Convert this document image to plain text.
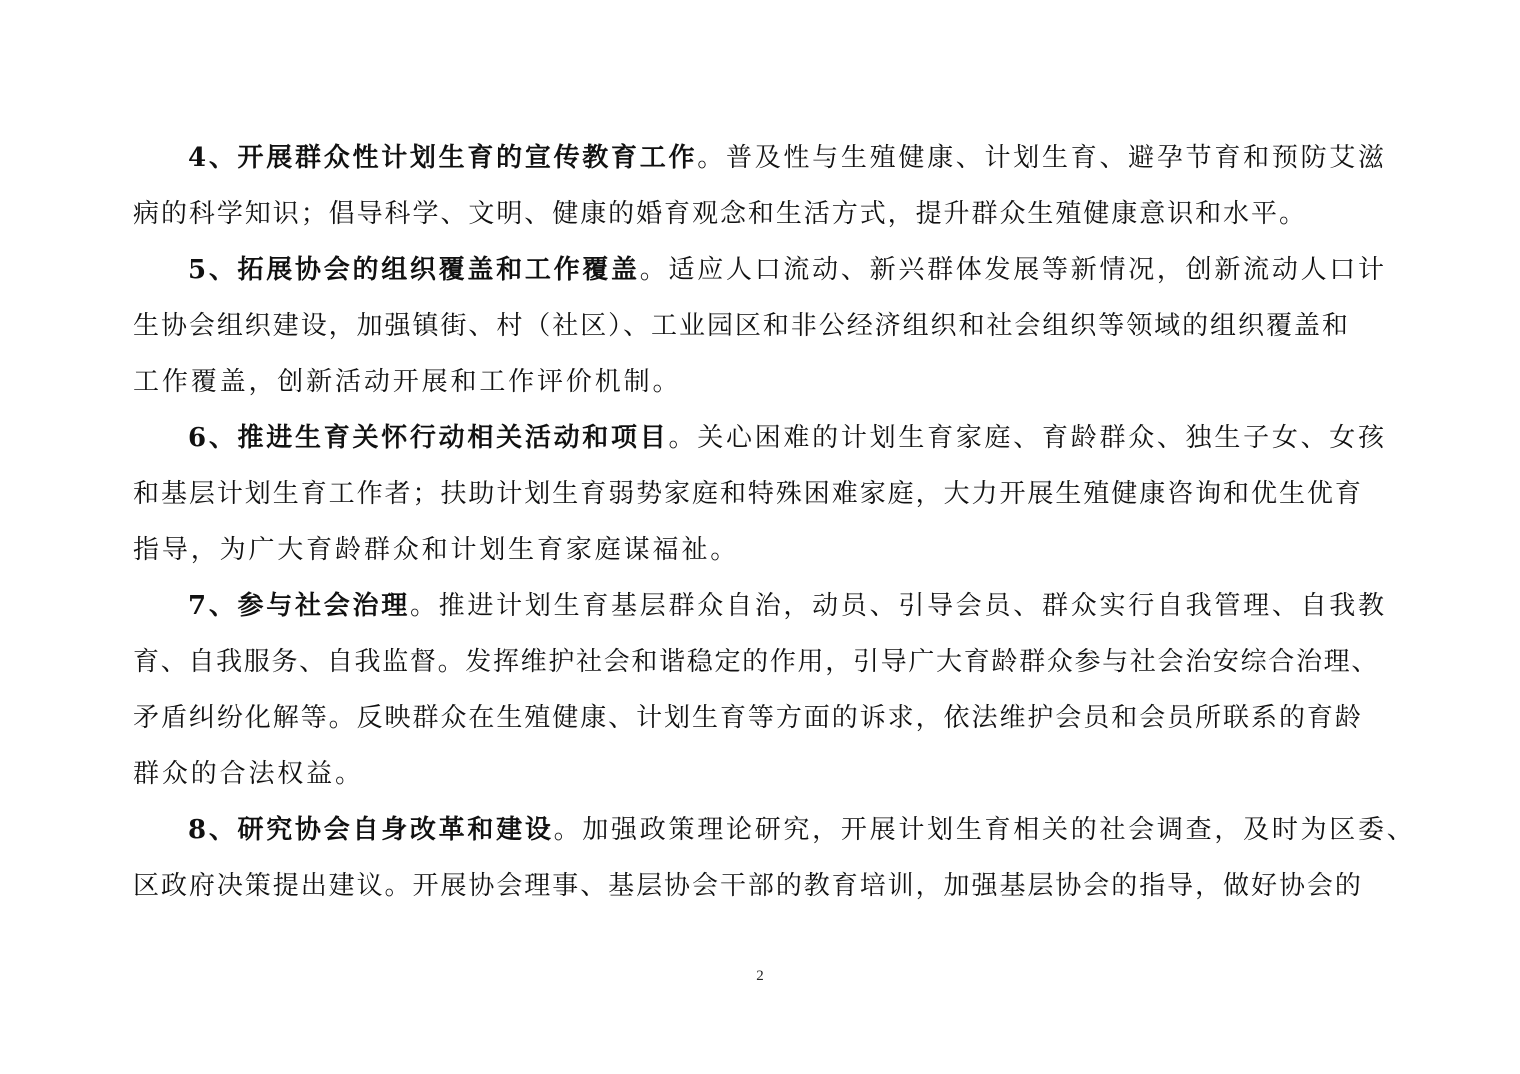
4、开展群众性计划生育的宣传教育工作。普及性与生殖健康、计划生育、避孕节育和预防艾滋
病的科学知识；倡导科学、文明、健康的婚育观念和生活方式，提升群众生殖健康意识和水平。
5、拓展协会的组织覆盖和工作覆盖。适应人口流动、新兴群体发展等新情况，创新流动人口计
生协会组织建设，加强镇街、村（社区）、工业园区和非公经济组织和社会组织等领域的组织覆盖和
工作覆盖，创新活动开展和工作评价机制。
6、推进生育关怀行动相关活动和项目。关心困难的计划生育家庭、育龄群众、独生子女、女孩
和基层计划生育工作者；扶助计划生育弱势家庭和特殊困难家庭，大力开展生殖健康咨询和优生优育
指导，为广大育龄群众和计划生育家庭谋福祉。
7、参与社会治理。推进计划生育基层群众自治，动员、引导会员、群众实行自我管理、自我教
育、自我服务、自我监督。发挥维护社会和谐稳定的作用，引导广大育龄群众参与社会治安综合治理、
矛盾纠纷化解等。反映群众在生殖健康、计划生育等方面的诉求，依法维护会员和会员所联系的育龄
群众的合法权益。
8、研究协会自身改革和建设。加强政策理论研究，开展计划生育相关的社会调查，及时为区委、
区政府决策提出建议。开展协会理事、基层协会干部的教育培训，加强基层协会的指导，做好协会的
2
